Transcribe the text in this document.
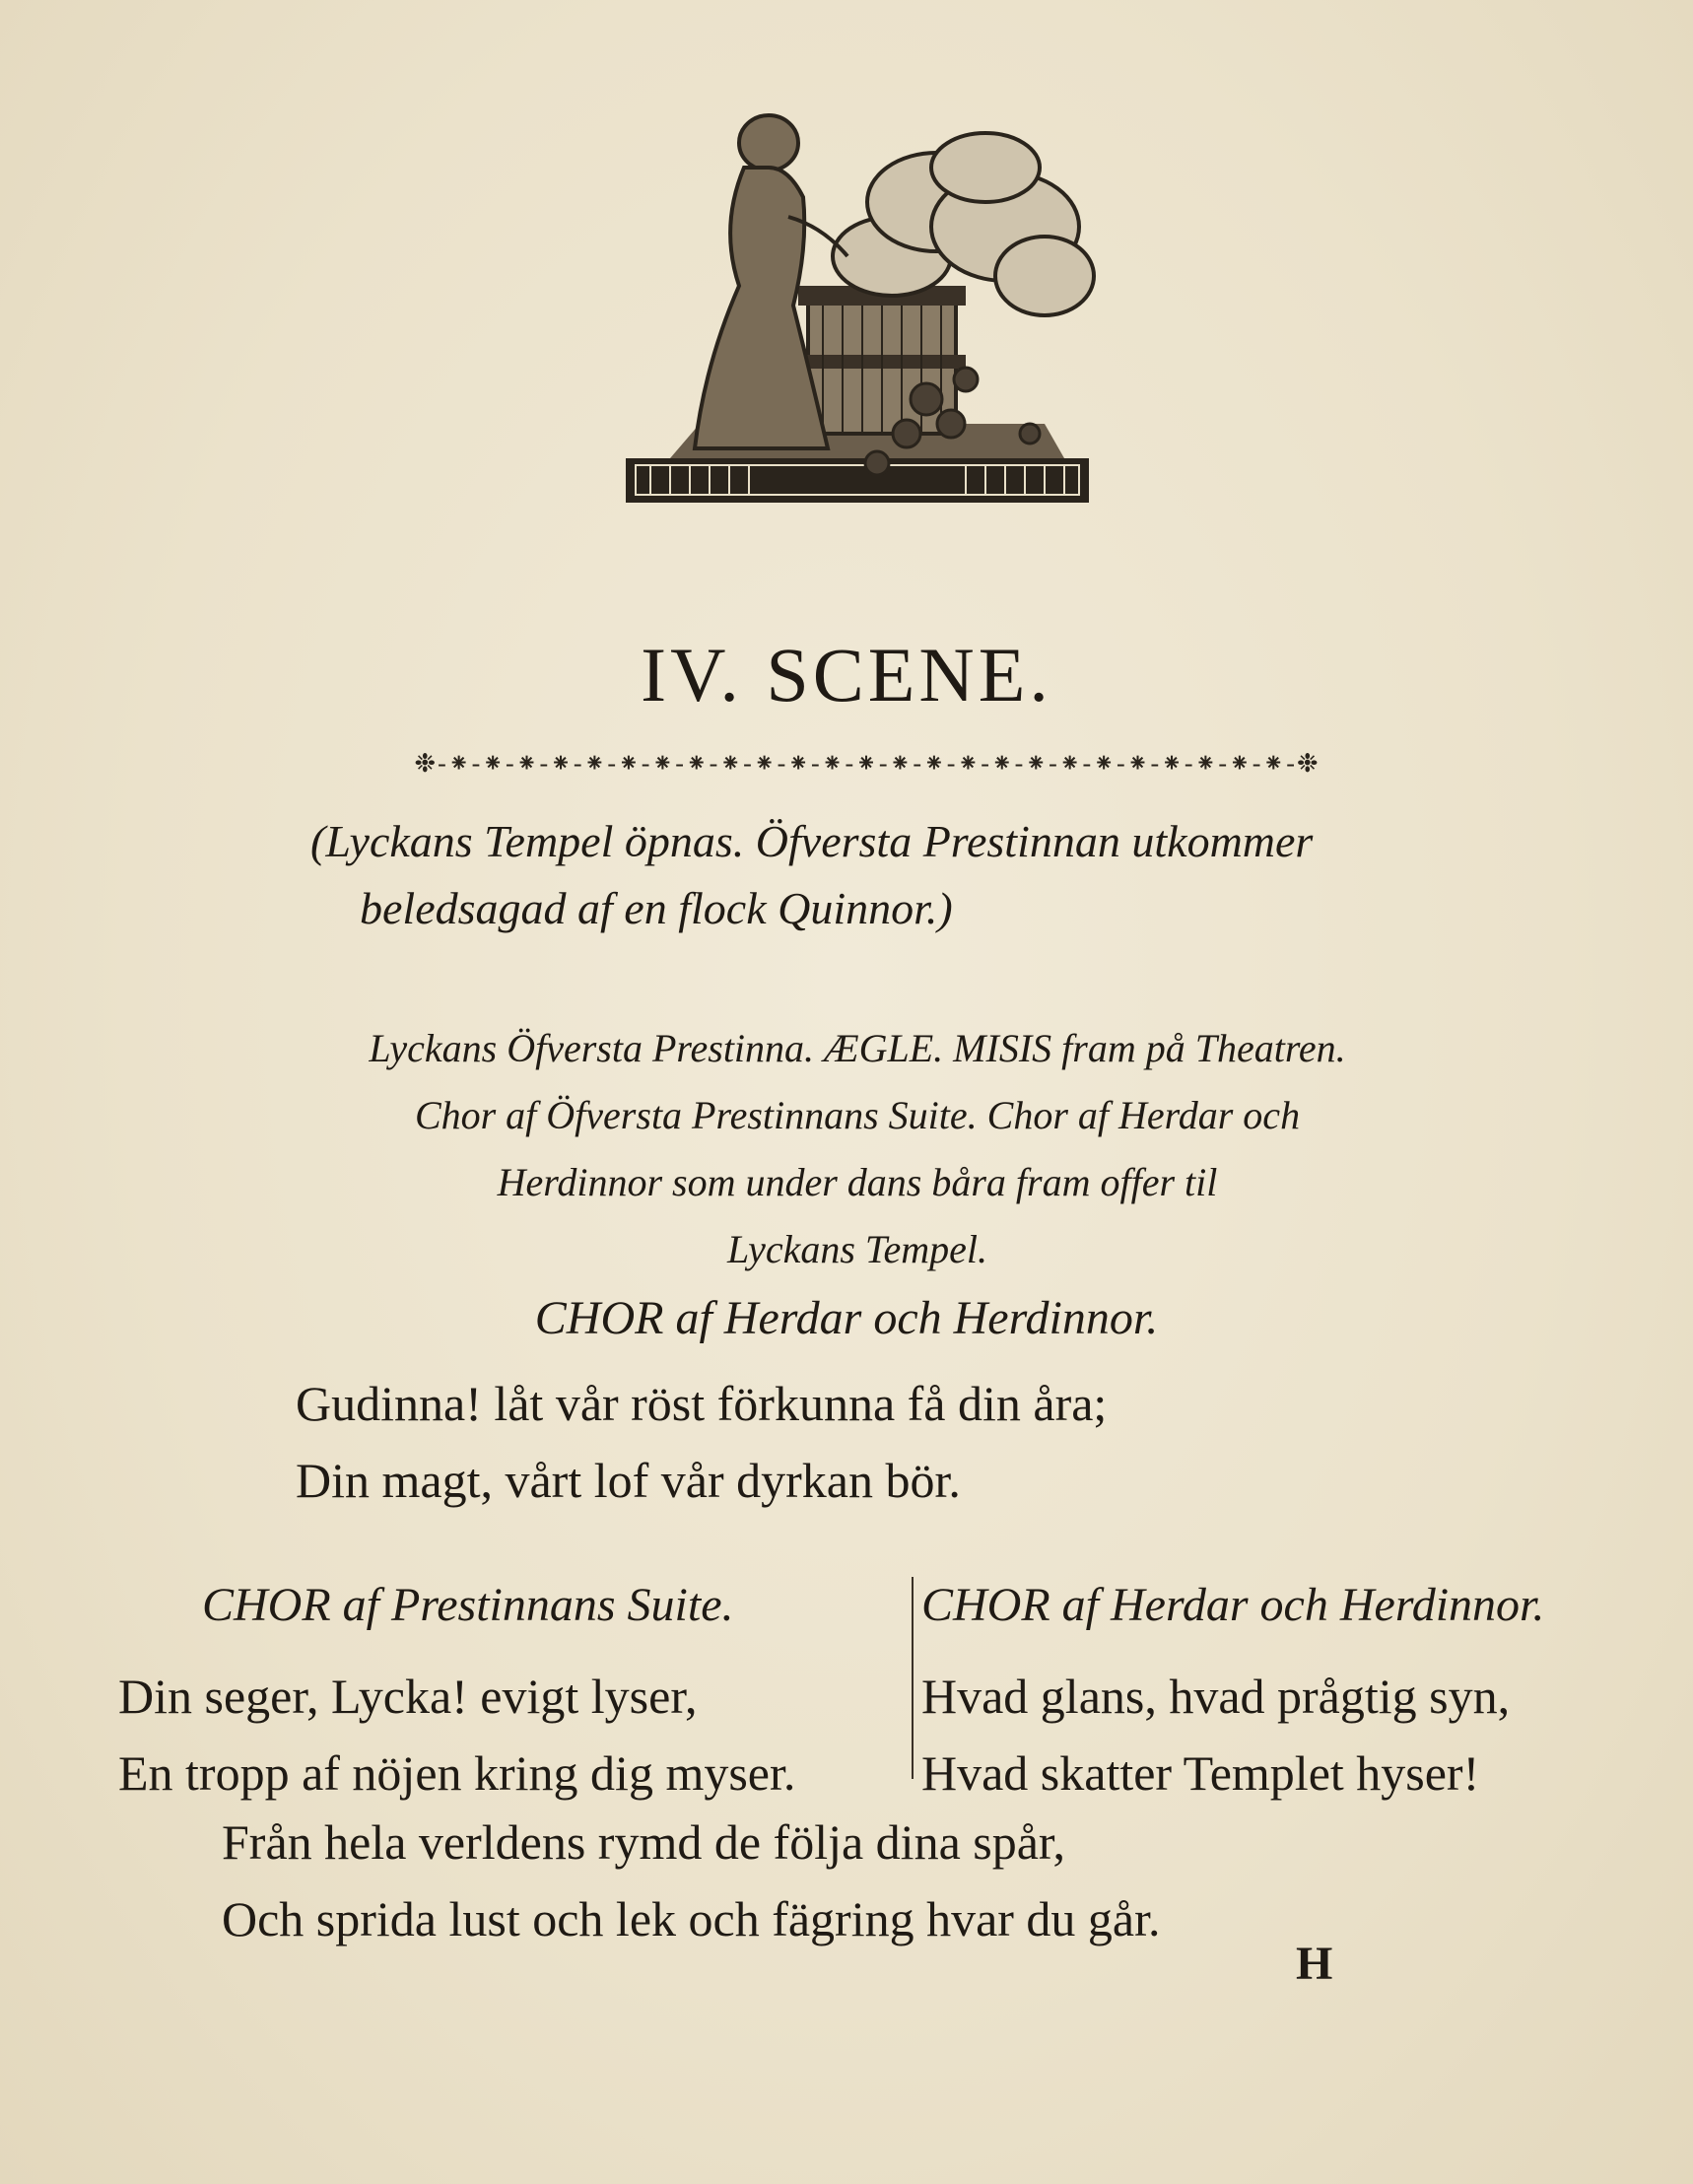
IV. SCENE.
❉-⁕-⁕-⁕-⁕-⁕-⁕-⁕-⁕-⁕-⁕-⁕-⁕-⁕-⁕-⁕-⁕-⁕-⁕-⁕-⁕-⁕-⁕-⁕-⁕-⁕-❉
(Lyckans Tempel öpnas. Öfversta Prestinnan utkommer
beledsagad af en flock Quinnor.)
❃꙰❃꙰❃꙰❃꙰❃꙰❃꙰❃꙰❃꙰❃꙰❃꙰❃꙰❃꙰❃꙰❃꙰❃꙰❃꙰❃꙰❃꙰❃꙰❃꙰❃꙰❃꙰❃꙰❃꙰❃꙰❃꙰❃
Lyckans Öfversta Prestinna. ÆGLE. MISIS fram på Theatren.
Chor af Öfversta Prestinnans Suite. Chor af Herdar och
Herdinnor som under dans båra fram offer til
Lyckans Tempel.
CHOR af Herdar och Herdinnor.
Gudinna! låt vår röst förkunna få din åra;
Din magt, vårt lof vår dyrkan bör.
CHOR af Prestinnans Suite.
Din seger, Lycka! evigt lyser,
En tropp af nöjen kring dig myser.
CHOR af Herdar och Herdinnor.
Hvad glans, hvad prågtig syn,
Hvad skatter Templet hyser!
Från hela verldens rymd de följa dina spår,
Och sprida lust och lek och fägring hvar du går.
H
